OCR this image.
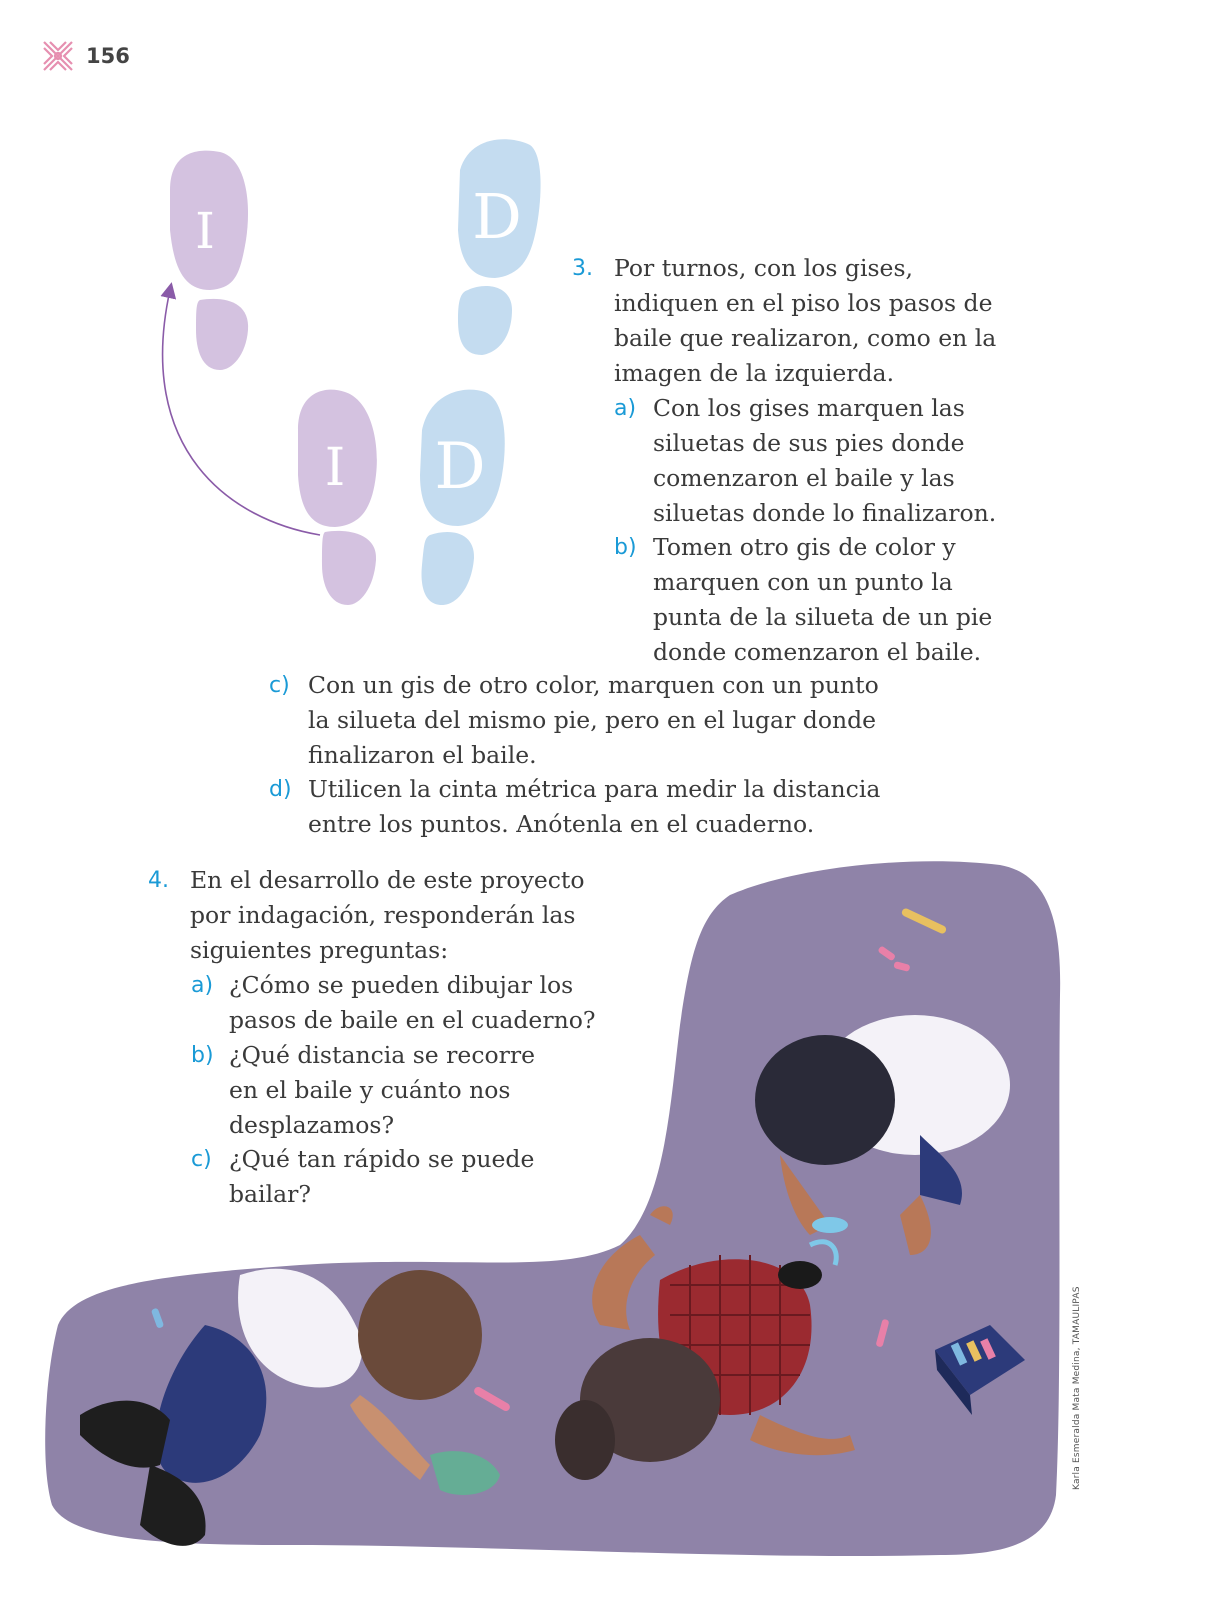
156
I	D
I D
3. Por turnos, con los gises,
indiquen en el piso los pasos de
baile que realizaron, como en la
imagen de la izquierda.
a) Con los gises marquen las
siluetas de sus pies donde
comenzaron el baile y las
siluetas donde lo finalizaron.
b) Tomen otro gis de color y
marquen con un punto la
punta de la silueta de un pie
donde comenzaron el baile.
c) Con un gis de otro color, marquen con un punto
la silueta del mismo pie, pero en el lugar donde
finalizaron el baile.
d) Utilicen la cinta métrica para medir la distancia
entre los puntos. Anótenla en el cuaderno.
Karla Esmeralda Mata Medina, TAMAULIPAS
4. En el desarrollo de este proyecto
por indagación, responderán las
siguientes preguntas:
a) ¿Cómo se pueden dibujar los
pasos de baile en el cuaderno?
b) ¿Qué distancia se recorre
en el baile y cuánto nos
desplazamos?
c) ¿Qué tan rápido se puede
bailar?
